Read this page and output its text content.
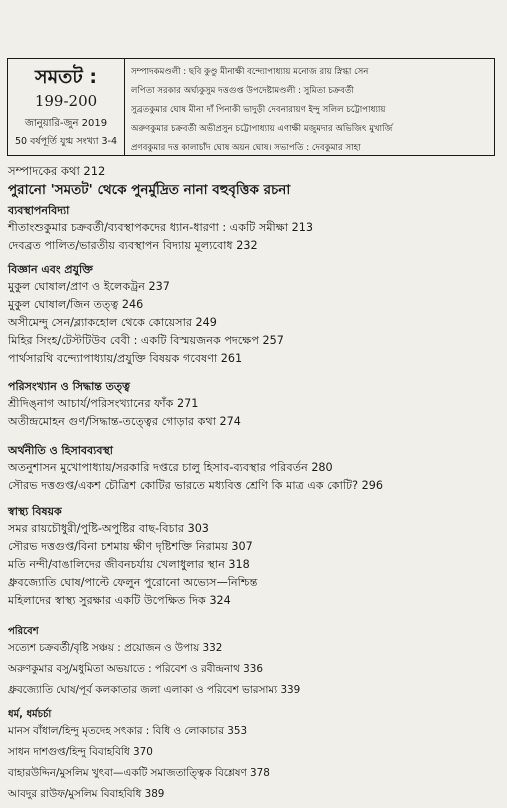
সমতট :
199-200
জানুয়ারি-জুন 2019
50 বর্ষপূর্তি যুগ্ম সংখ্যা 3-4
সম্পাদকমণ্ডলী : ছবি কুণ্ডু মীনাক্ষী বন্দ্যোপাধ্যায় মনোজ রায় স্নিগ্ধা সেন
লপিতা সরকার অর্ঘ্যকুসুম দত্তগুপ্ত উপদেষ্টামণ্ডলী : সুমিতা চক্রবর্তী
সুব্রতকুমার ঘোষ মীনা দাঁ পিনাকী ভাদুড়ী দেবনারায়ণ ইন্দু সলিল চট্টোপাধ্যায়
অরুণকুমার চক্রবর্তী অভীপ্রসুন চট্টোপাধ্যায় এণাক্ষী মজুমদার অভিজিৎ মুখার্জি
প্রণবকুমার দত্ত কালাচাঁদ ঘোষ অয়ন ঘোষ। সভাপতি : দেবকুমার সাহা
সম্পাদকের কথা 212
পুরানো 'সমতট' থেকে পুনর্মুদ্রিত নানা বহুবৃত্তিক রচনা
ব্যবস্থাপনবিদ্যা
শীতাংশুকুমার চক্রবর্তী/ব্যবস্থাপকদের ধ্যান-ধারণা : একটি সমীক্ষা 213
দেবব্রত পালিত/ভারতীয় ব্যবস্থাপন বিদ্যায় মূল্যবোধ 232
বিজ্ঞান এবং প্রযুক্তি
মুকুল ঘোষাল/প্রাণ ও ইলেকট্রন 237
মুকুল ঘোষাল/জিন তত্ত্ব 246
অসীমেন্দু সেন/ব্ল্যাকহোল থেকে কোয়েসার 249
মিহির সিংহ/টেস্টটিউব বেবী : একটি বিস্ময়জনক পদক্ষেপ 257
পার্থসারথি বন্দ্যোপাধ্যায়/প্রযুক্তি বিষয়ক গবেষণা 261
পরিসংখ্যান ও সিদ্ধান্ত তত্ত্ব
শ্রীদিঙ্নাগ আচার্য/পরিসংখ্যানের ফাঁক 271
অতীন্দ্রমোহন গুণ/সিদ্ধান্ত-তত্ত্বের গোড়ার কথা 274
অর্থনীতি ও হিসাবব্যবস্থা
অতনুশাসন মুখোপাধ্যায়/সরকারি দপ্তরে চালু হিসাব-ব্যবস্থার পরিবর্তন 280
সৌরভ দত্তগুপ্ত/একশ চৌত্রিশ কোটির ভারতে মধ্যবিত্ত শ্রেণি কি মাত্র এক কোটি? 296
স্বাস্থ্য বিষয়ক
সমর রায়চৌধুরী/পুষ্টি-অপুষ্টির বাছ-বিচার 303
সৌরভ দত্তগুপ্ত/বিনা চশমায় ক্ষীণ দৃষ্টিশক্তি নিরাময় 307
মতি নন্দী/বাঙালিদের জীবনচর্যায় খেলাধুলার স্থান 318
ধ্রুবজ্যোতি ঘোষ/পাল্টে ফেলুন পুরোনো অভ্যেস—নিশ্চিন্ত
মহিলাদের স্বাস্থ্য সুরক্ষার একটি উপেক্ষিত দিক 324
পরিবেশ
সত্যেশ চক্রবর্তী/বৃষ্টি সঞ্চয় : প্রয়োজন ও উপায় 332
অরুণকুমার বসু/মধুমিতা অভয়াতে : পরিবেশ ও রবীন্দ্রনাথ 336
ধ্রুবজ্যোতি ঘোষ/পূর্ব কলকাতার জলা এলাকা ও পরিবেশ ভারসাম্য 339
ধর্ম, ধর্মচর্চা
মানস বাঁধাল/হিন্দু মৃতদেহ সৎকার : বিধি ও লোকাচার 353
সাধন দাশগুপ্ত/হিন্দু বিবাহবিধি 370
বাহারউদ্দিন/মুসলিম খুৎবা—একটি সমাজতাত্ত্বিক বিশ্লেষণ 378
আবদুর রাউফ/মুসলিম বিবাহবিধি 389
